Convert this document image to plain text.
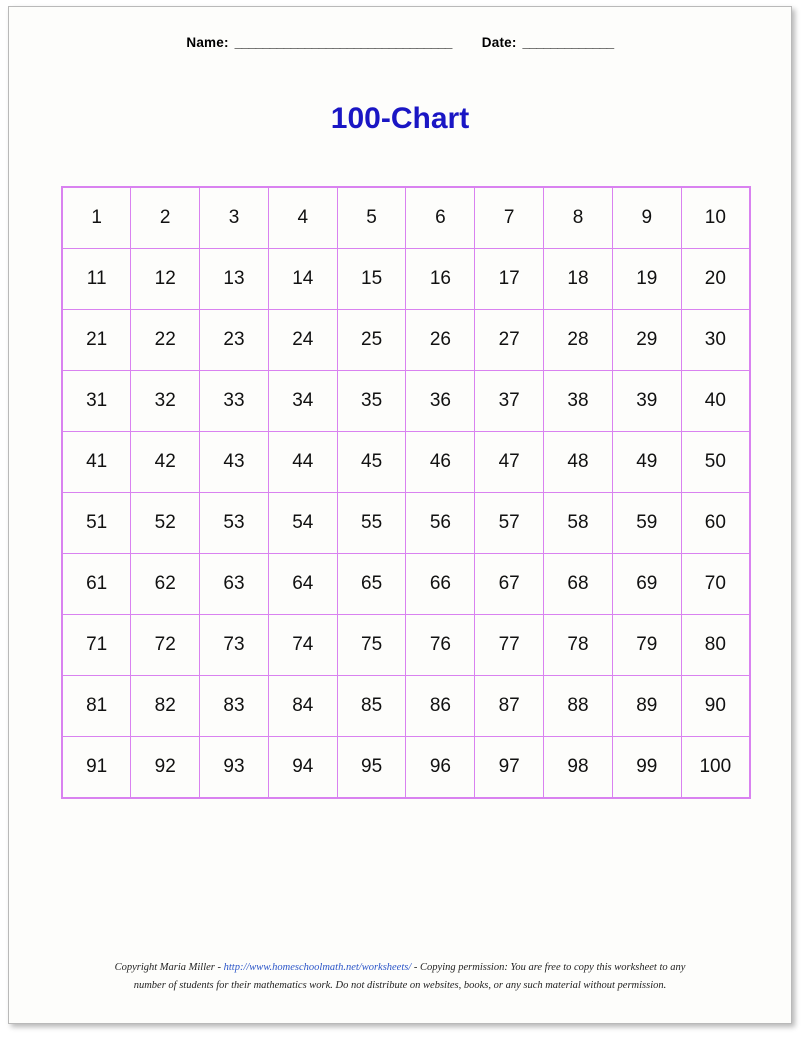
Name: _______________________________ Date: _____________
100-Chart
1	2	3	4	5	6	7	8	9	10
11	12	13	14	15	16	17	18	19	20
21	22	23	24	25	26	27	28	29	30
31	32	33	34	35	36	37	38	39	40
41	42	43	44	45	46	47	48	49	50
51	52	53	54	55	56	57	58	59	60
61	62	63	64	65	66	67	68	69	70
71	72	73	74	75	76	77	78	79	80
81	82	83	84	85	86	87	88	89	90
91	92	93	94	95	96	97	98	99	100
Copyright Maria Miller - http://www.homeschoolmath.net/worksheets/ - Copying permission: You are free to copy this worksheet to any
number of students for their mathematics work. Do not distribute on websites, books, or any such material without permission.
